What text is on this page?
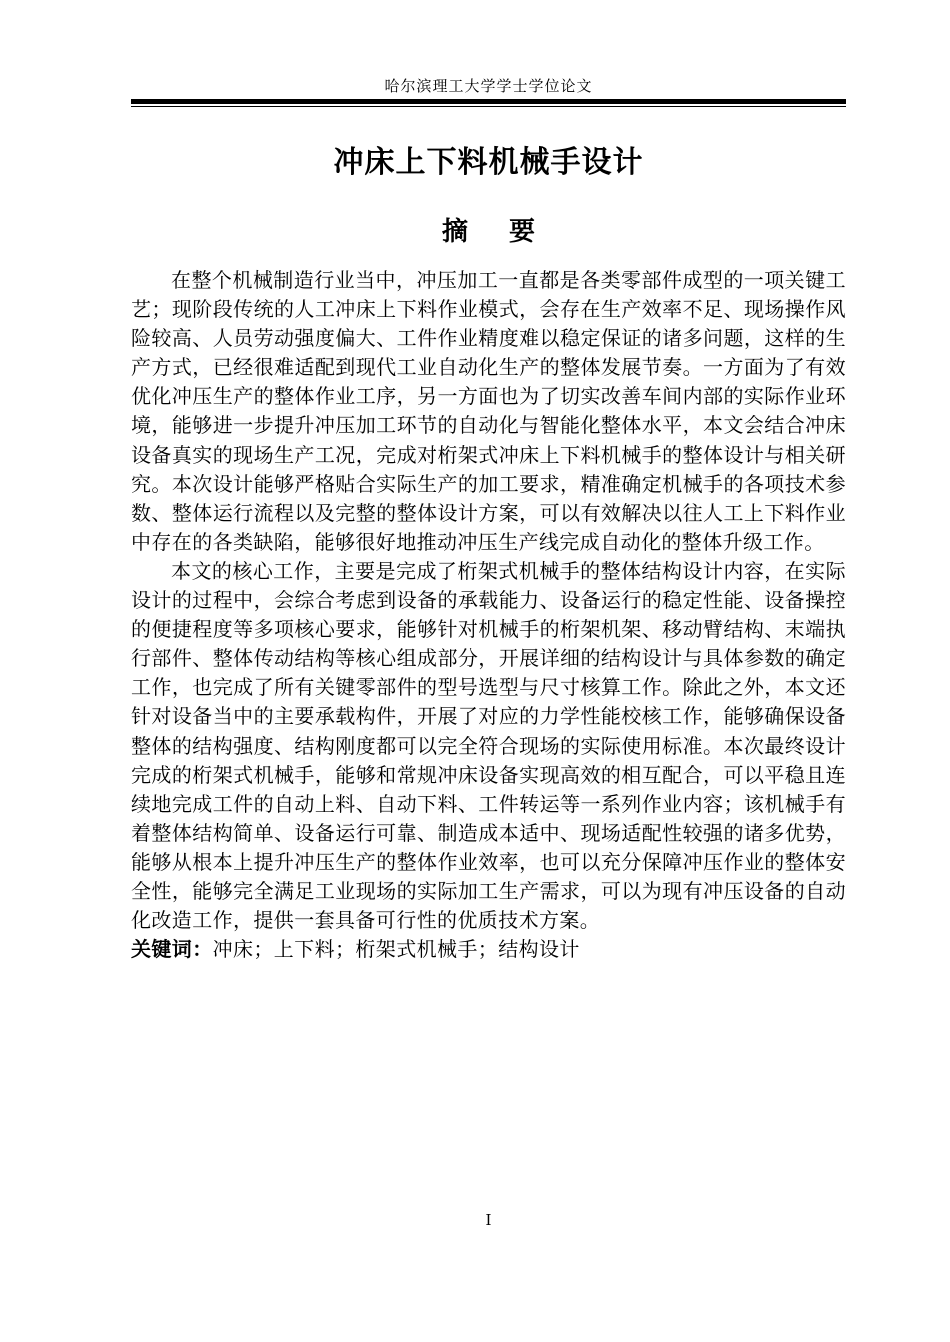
哈尔滨理工大学学士学位论文
冲床上下料机械手设计
摘 要

在整个机械制造行业当中，冲压加工一直都是各类零部件成型的一项关键工艺；现阶段传统的人工冲床上下料作业模式，会存在生产效率不足、现场操作风险较高、人员劳动强度偏大、工件作业精度难以稳定保证的诸多问题，这样的生产方式，已经很难适配到现代工业自动化生产的整体发展节奏。一方面为了有效优化冲压生产的整体作业工序，另一方面也为了切实改善车间内部的实际作业环境，能够进一步提升冲压加工环节的自动化与智能化整体水平，本文会结合冲床设备真实的现场生产工况，完成对桁架式冲床上下料机械手的整体设计与相关研究。本次设计能够严格贴合实际生产的加工要求，精准确定机械手的各项技术参数、整体运行流程以及完整的整体设计方案，可以有效解决以往人工上下料作业中存在的各类缺陷，能够很好地推动冲压生产线完成自动化的整体升级工作。

本文的核心工作，主要是完成了桁架式机械手的整体结构设计内容，在实际设计的过程中，会综合考虑到设备的承载能力、设备运行的稳定性能、设备操控的便捷程度等多项核心要求，能够针对机械手的桁架机架、移动臂结构、末端执行部件、整体传动结构等核心组成部分，开展详细的结构设计与具体参数的确定工作，也完成了所有关键零部件的型号选型与尺寸核算工作。除此之外，本文还针对设备当中的主要承载构件，开展了对应的力学性能校核工作，能够确保设备整体的结构强度、结构刚度都可以完全符合现场的实际使用标准。本次最终设计完成的桁架式机械手，能够和常规冲床设备实现高效的相互配合，可以平稳且连续地完成工件的自动上料、自动下料、工件转运等一系列作业内容；该机械手有着整体结构简单、设备运行可靠、制造成本适中、现场适配性较强的诸多优势，能够从根本上提升冲压生产的整体作业效率，也可以充分保障冲压作业的整体安全性，能够完全满足工业现场的实际加工生产需求，可以为现有冲压设备的自动化改造工作，提供一套具备可行性的优质技术方案。

关键词：冲床；上下料；桁架式机械手；结构设计

I
